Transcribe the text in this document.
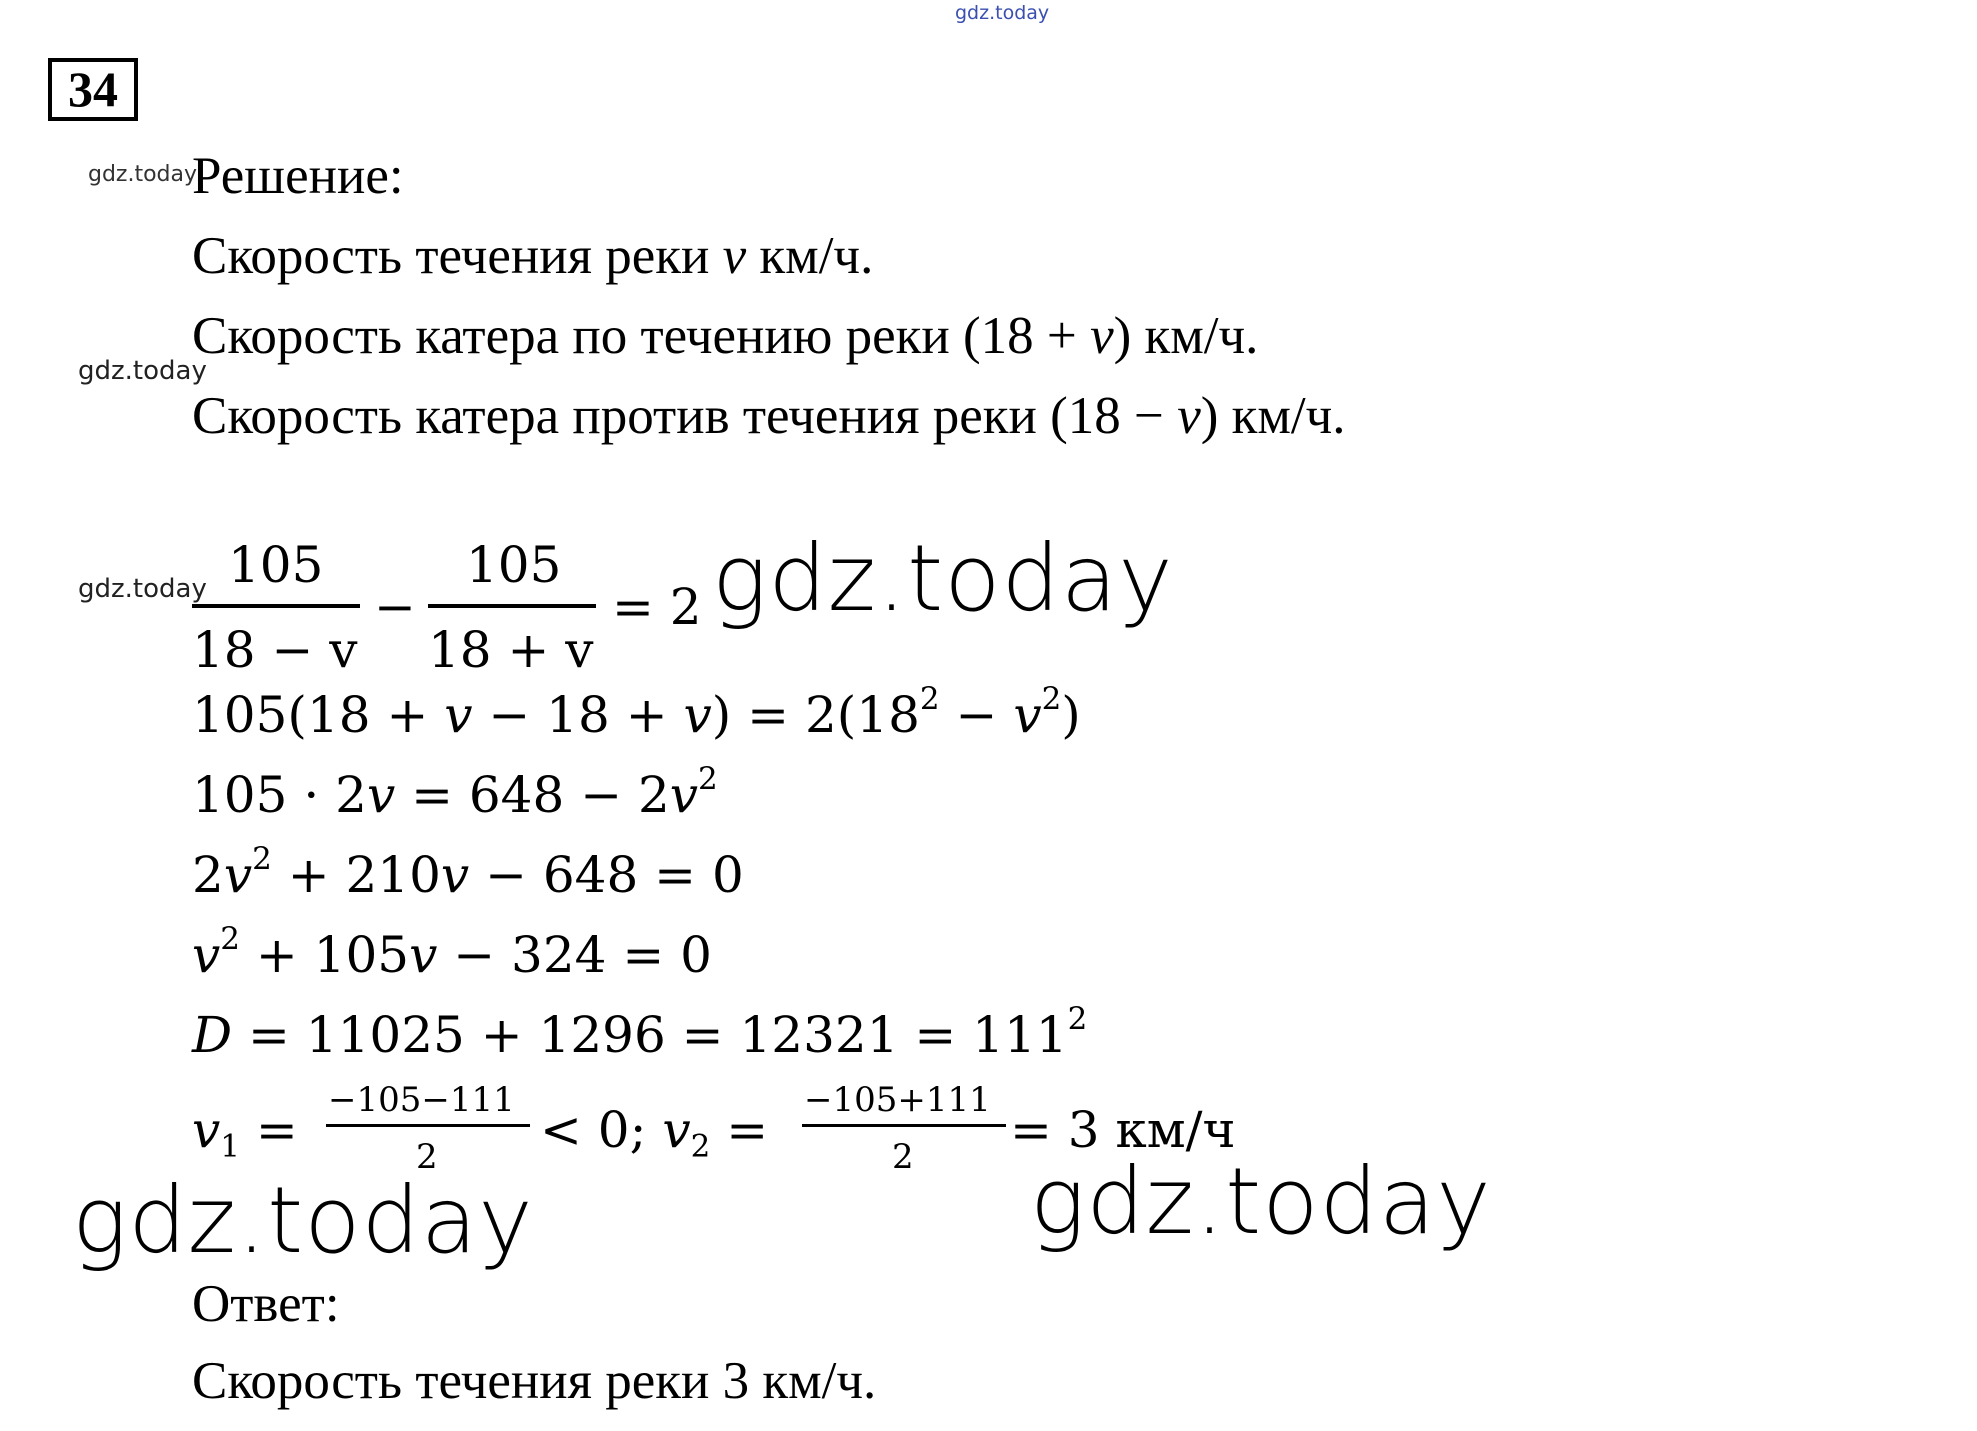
gdz.today
gdz.today
gdz.today
gdz.today	gdz.today
gdz.today	gdz.today
34
Решение:
Скорость течения реки v км/ч.
Скорость катера по течению реки (18 + v) км/ч.
Скорость катера против течения реки (18 − v) км/ч.
105
18 − v
−
105
18 + v
= 2
$105(18 + v - 18 + v) = 2(18^2 - v^2)$
$105 \cdot 2v = 648 - 2v^2$
$2v^2 + 210v - 648 = 0$
$v^2 + 105v - 324 = 0$
$D = 11025 + 1296 = 12321 = 111^2$
$v_1$ =
−105−111
2 < 0; $v_2$ =
−105+111
2 = 3 км/ч
Ответ:
Скорость течения реки 3 км/ч.
